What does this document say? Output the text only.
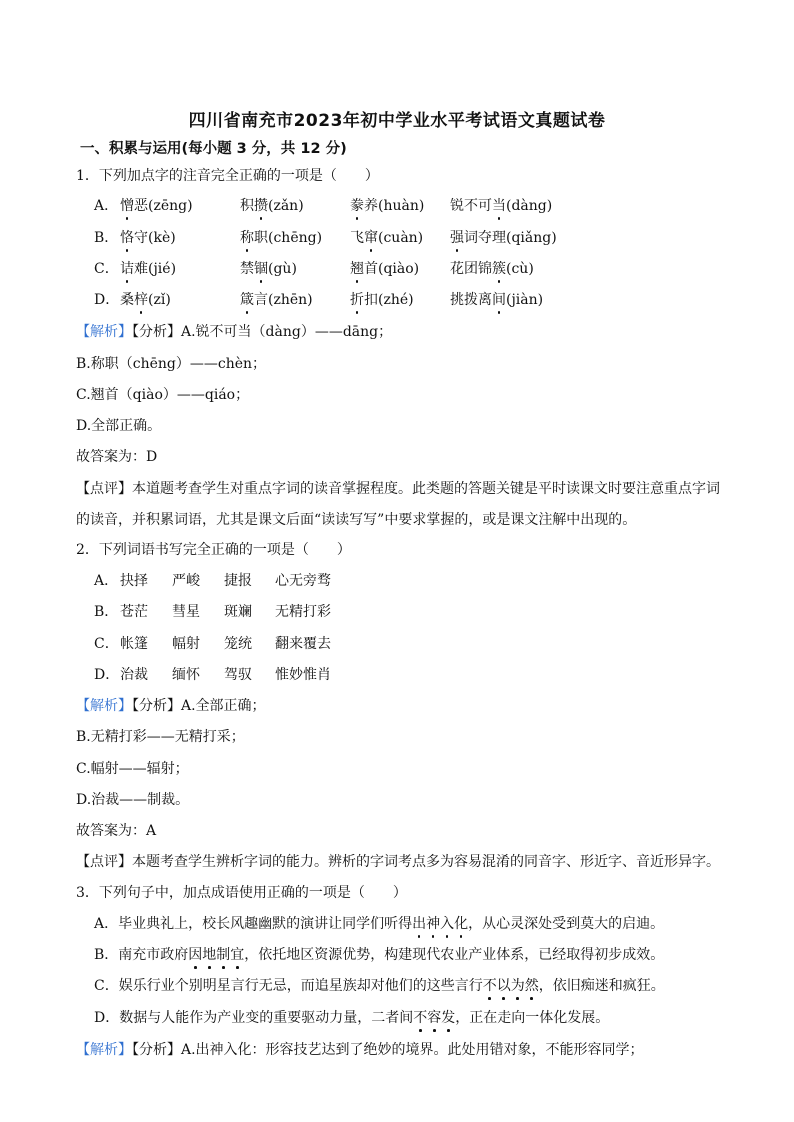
四川省南充市2023年初中学业水平考试语文真题试卷
一、积累与运用(每小题 3 分，共 12 分)
1．下列加点字的注音完全正确的一项是（　　）
A． 憎恶(zēng)	积攒(zǎn)	豢养(huàn) 锐不可当(dàng)
B． 恪守(kè)	称职(chēng) 飞窜(cuàn) 强词夺理(qiǎng)
C． 诘难(jié)	禁锢(gù)	翘首(qiào) 花团锦簇(cù)
D． 桑梓(zǐ)	箴言(zhēn)	折扣(zhé)	挑拨离间(jiàn)
【解析】【分析】A.锐不可当（dàng）——dāng；
B.称职（chēng）——chèn；
C.翘首（qiào）——qiáo；
D.全部正确。
故答案为：D
【点评】本道题考查学生对重点字词的读音掌握程度。此类题的答题关键是平时读课文时要注意重点字词
的读音，并积累词语，尤其是课文后面“读读写写”中要求掌握的，或是课文注解中出现的。
2．下列词语书写完全正确的一项是（　　）
A． 抉择 严峻 捷报 心无旁骛
B． 苍茫 彗星 斑斓 无精打彩
C． 帐篷 幅射 笼统 翻来覆去
D． 治裁 缅怀 驾驭 惟妙惟肖
【解析】【分析】A.全部正确；
B.无精打彩——无精打采；
C.幅射——辐射；
D.治裁——制裁。
故答案为：A
【点评】本题考查学生辨析字词的能力。辨析的字词考点多为容易混淆的同音字、形近字、音近形异字。
3．下列句子中，加点成语使用正确的一项是（　　）
A．毕业典礼上，校长风趣幽默的演讲让同学们听得出神入化，从心灵深处受到莫大的启迪。
B．南充市政府因地制宜，依托地区资源优势，构建现代农业产业体系，已经取得初步成效。
C．娱乐行业个别明星言行无忌，而追星族却对他们的这些言行不以为然，依旧痴迷和疯狂。
D．数据与人能作为产业变的重要驱动力量，二者间不容发，正在走向一体化发展。
【解析】【分析】A.出神入化：形容技艺达到了绝妙的境界。此处用错对象，不能形容同学；
